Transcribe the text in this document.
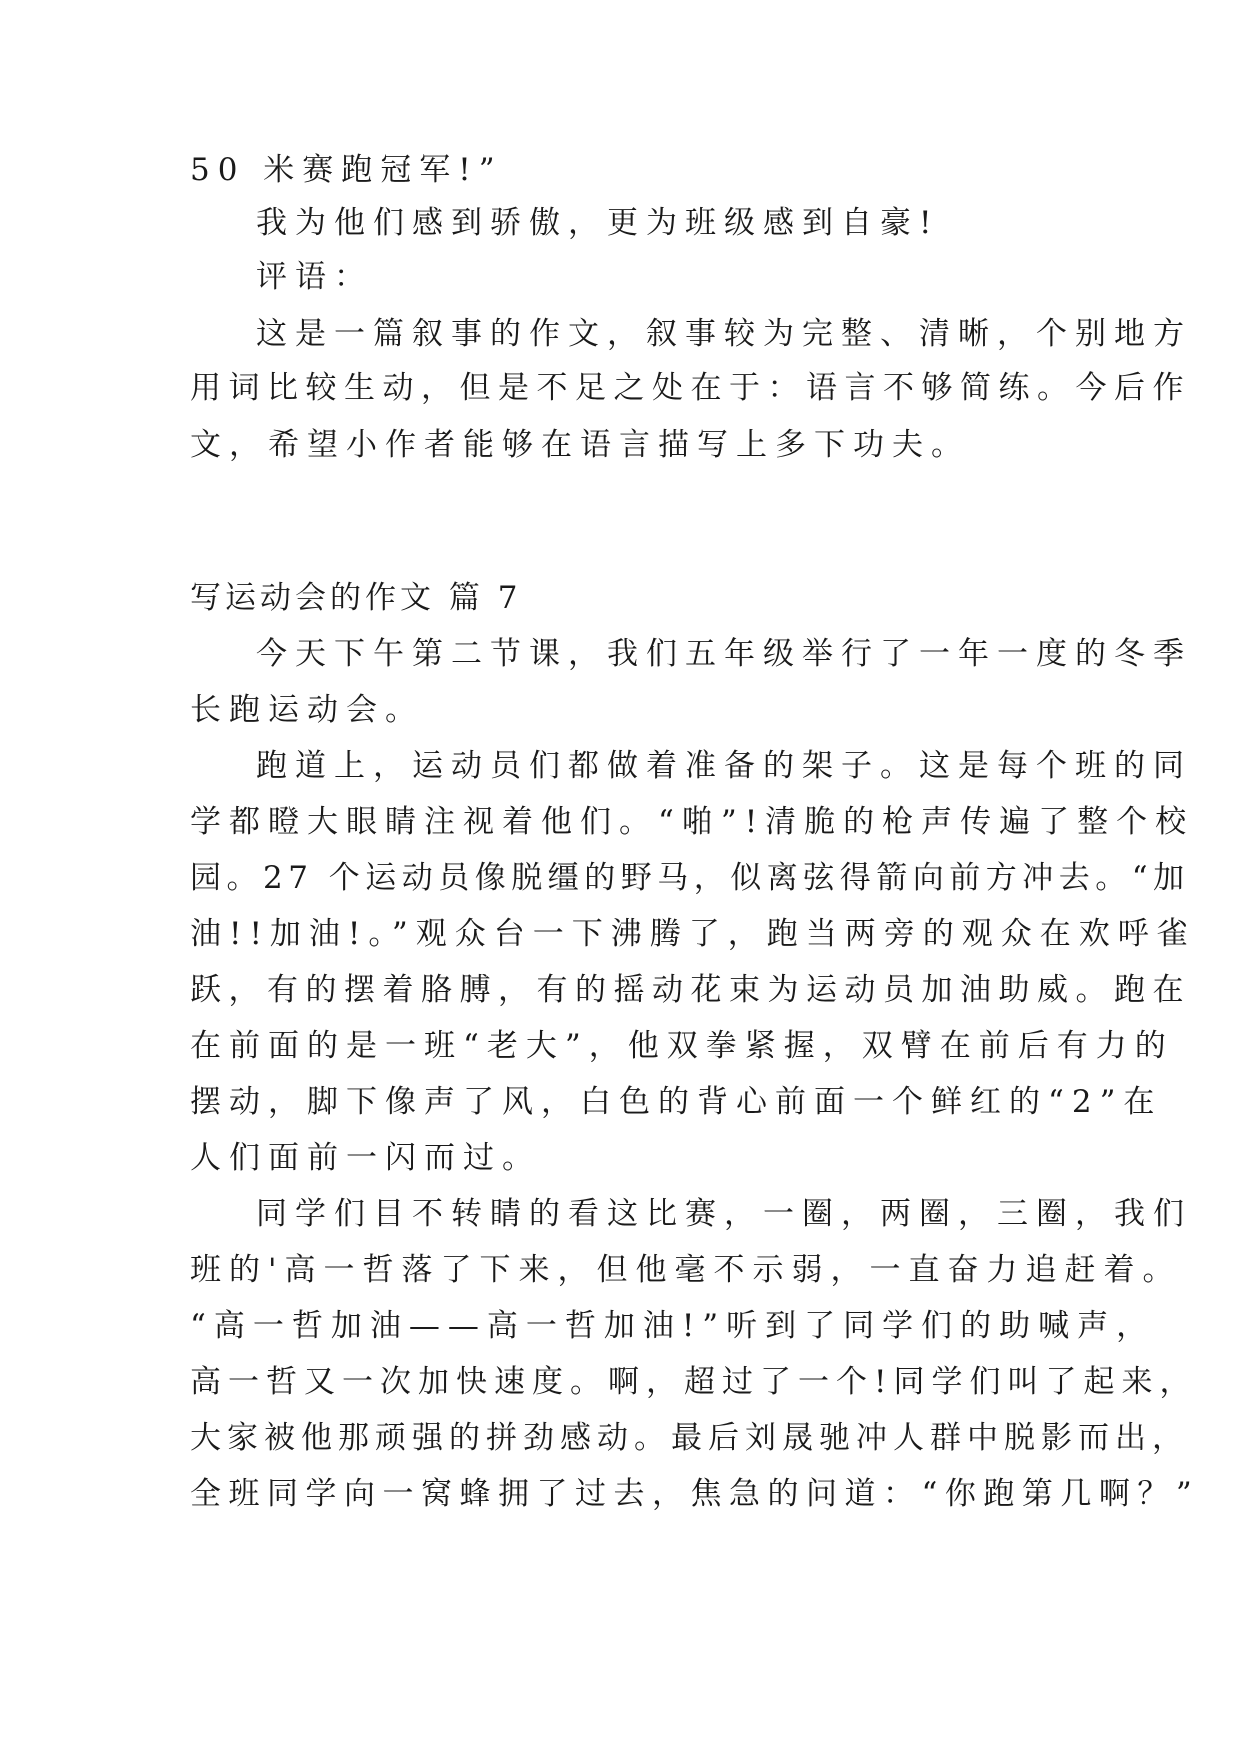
50 米赛跑冠军!”
我为他们感到骄傲，更为班级感到自豪!
评语：
这是一篇叙事的作文，叙事较为完整、清晰，个别地方
用词比较生动，但是不足之处在于：语言不够简练。今后作
文，希望小作者能够在语言描写上多下功夫。
写运动会的作文 篇 7
今天下午第二节课，我们五年级举行了一年一度的冬季
长跑运动会。
跑道上，运动员们都做着准备的架子。这是每个班的同
学都瞪大眼睛注视着他们。“啪”!清脆的枪声传遍了整个校
园。27 个运动员像脱缰的野马，似离弦得箭向前方冲去。“加
油!!加油!。”观众台一下沸腾了，跑当两旁的观众在欢呼雀
跃，有的摆着胳膊，有的摇动花束为运动员加油助威。跑在
在前面的是一班“老大”，他双拳紧握，双臂在前后有力的
摆动，脚下像声了风，白色的背心前面一个鲜红的“2”在
人们面前一闪而过。
同学们目不转睛的看这比赛，一圈，两圈，三圈，我们
班的'高一哲落了下来，但他毫不示弱，一直奋力追赶着。
“高一哲加油——高一哲加油!”听到了同学们的助喊声，
高一哲又一次加快速度。啊，超过了一个!同学们叫了起来，
大家被他那顽强的拼劲感动。最后刘晟驰冲人群中脱影而出，
全班同学向一窝蜂拥了过去，焦急的问道：“你跑第几啊？”
